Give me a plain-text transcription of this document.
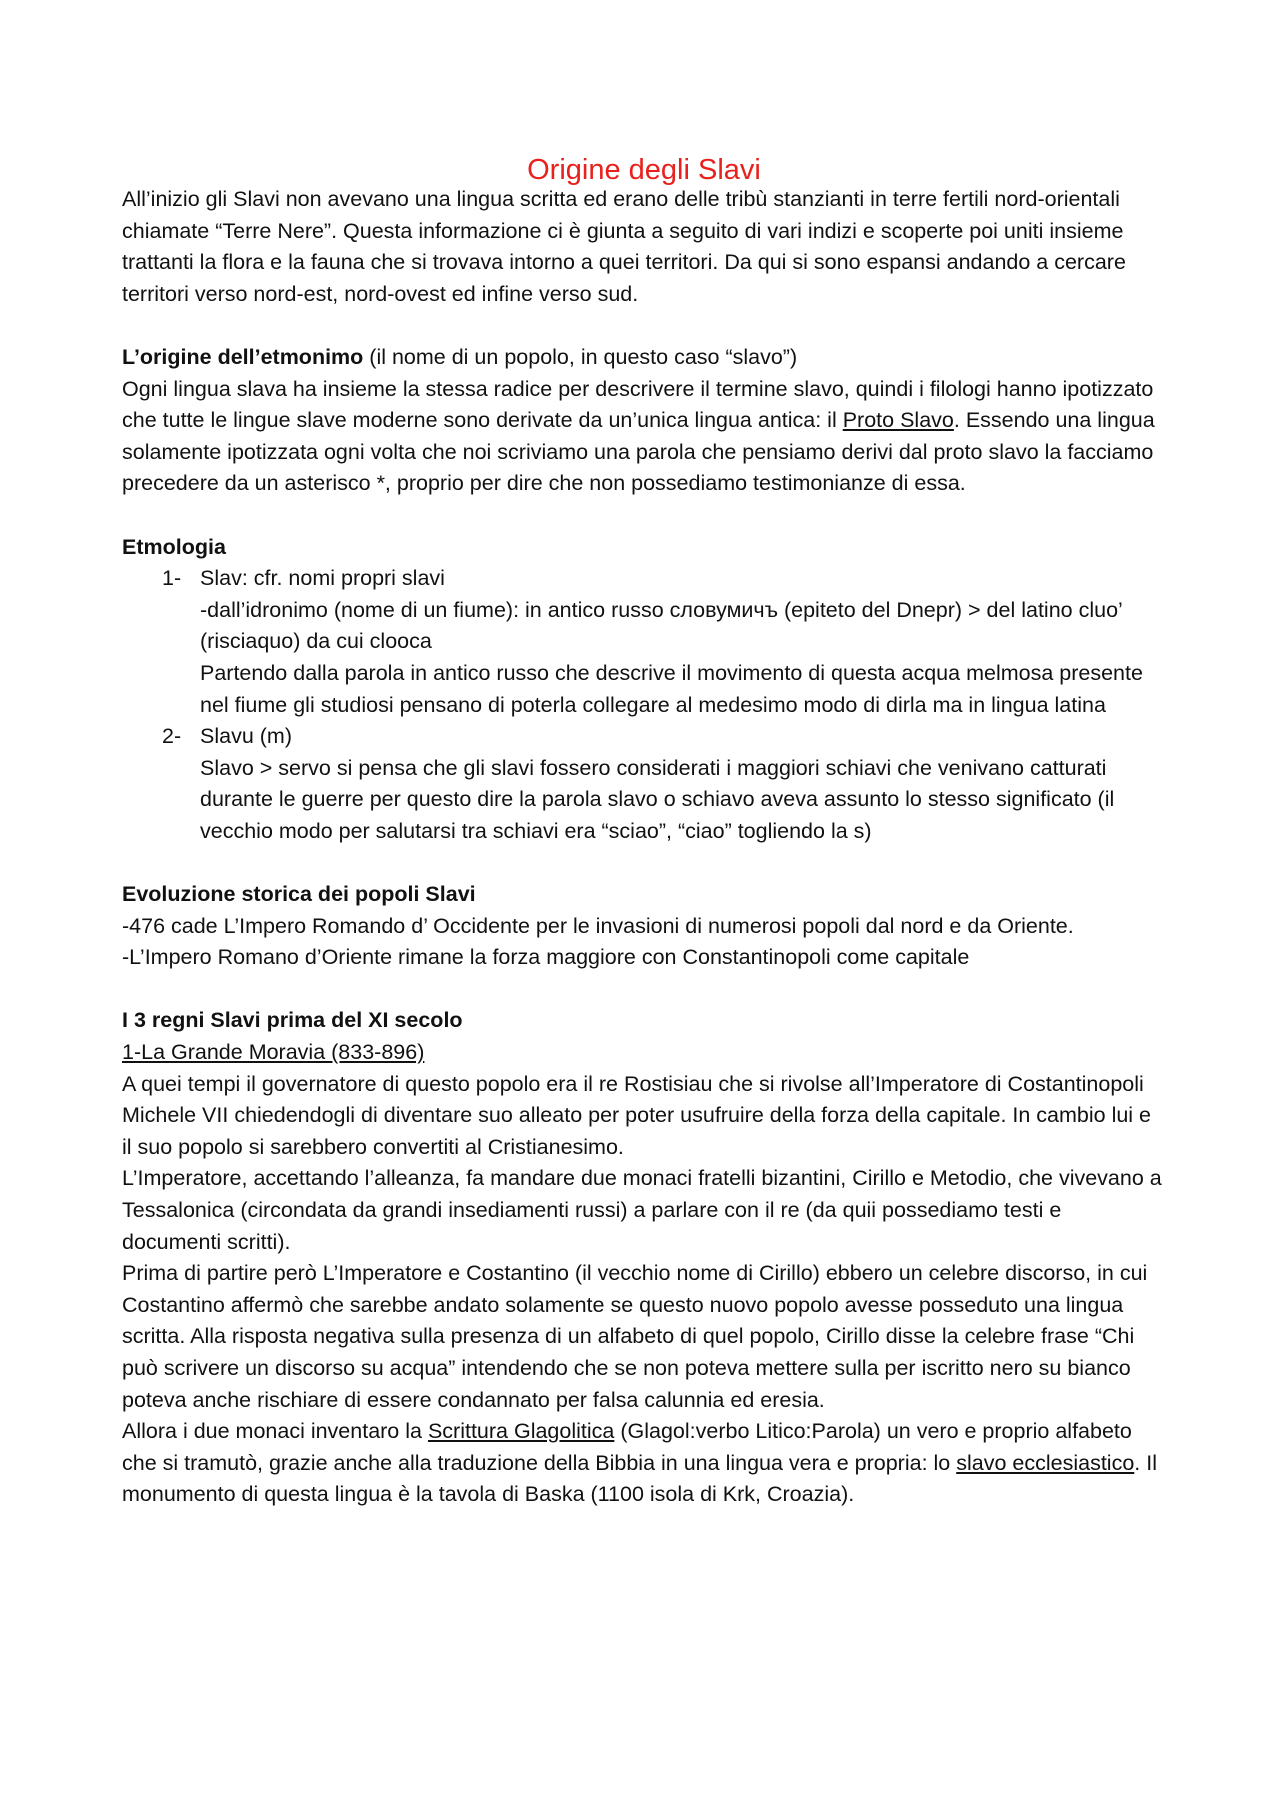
Origine degli Slavi

All’inizio gli Slavi non avevano una lingua scritta ed erano delle tribù stanzianti in terre fertili nord-orientali chiamate “Terre Nere”. Questa informazione ci è giunta a seguito di vari indizi e scoperte poi uniti insieme trattanti la flora e la fauna che si trovava intorno a quei territori. Da qui si sono espansi andando a cercare territori verso nord-est, nord-ovest ed infine verso sud.

L’origine dell’etmonimo (il nome di un popolo, in questo caso “slavo”)

Ogni lingua slava ha insieme la stessa radice per descrivere il termine slavo, quindi i filologi hanno ipotizzato che tutte le lingue slave moderne sono derivate da un’unica lingua antica: il Proto Slavo. Essendo una lingua solamente ipotizzata ogni volta che noi scriviamo una parola che pensiamo derivi dal proto slavo la facciamo precedere da un asterisco *, proprio per dire che non possediamo testimonianze di essa.

Etmologia

1- Slav: cfr. nomi propri slavi
-dall’idronimo (nome di un fiume): in antico russo словумичъ (epiteto del Dnepr) > del latino cluo’ (risciaquo) da cui clooca
Partendo dalla parola in antico russo che descrive il movimento di questa acqua melmosa presente nel fiume gli studiosi pensano di poterla collegare al medesimo modo di dirla ma in lingua latina
2- Slavu (m)
Slavo > servo si pensa che gli slavi fossero considerati i maggiori schiavi che venivano catturati durante le guerre per questo dire la parola slavo o schiavo aveva assunto lo stesso significato (il vecchio modo per salutarsi tra schiavi era “sciao”, “ciao” togliendo la s)

Evoluzione storica dei popoli Slavi

-476 cade L’Impero Romando d’ Occidente per le invasioni di numerosi popoli dal nord e da Oriente.

-L’Impero Romano d’Oriente rimane la forza maggiore con Constantinopoli come capitale

I 3 regni Slavi prima del XI secolo

1-La Grande Moravia (833-896)

A quei tempi il governatore di questo popolo era il re Rostisiau che si rivolse all’Imperatore di Costantinopoli Michele VII chiedendogli di diventare suo alleato per poter usufruire della forza della capitale. In cambio lui e il suo popolo si sarebbero convertiti al Cristianesimo.

L’Imperatore, accettando l’alleanza, fa mandare due monaci fratelli bizantini, Cirillo e Metodio, che vivevano a Tessalonica (circondata da grandi insediamenti russi) a parlare con il re (da quii possediamo testi e documenti scritti).

Prima di partire però L’Imperatore e Costantino (il vecchio nome di Cirillo) ebbero un celebre discorso, in cui Costantino affermò che sarebbe andato solamente se questo nuovo popolo avesse posseduto una lingua scritta. Alla risposta negativa sulla presenza di un alfabeto di quel popolo, Cirillo disse la celebre frase “Chi può scrivere un discorso su acqua” intendendo che se non poteva mettere sulla per iscritto nero su bianco poteva anche rischiare di essere condannato per falsa calunnia ed eresia.

Allora i due monaci inventaro la Scrittura Glagolitica (Glagol:verbo Litico:Parola) un vero e proprio alfabeto che si tramutò, grazie anche alla traduzione della Bibbia in una lingua vera e propria: lo slavo ecclesiastico. Il monumento di questa lingua è la tavola di Baska (1100 isola di Krk, Croazia).
